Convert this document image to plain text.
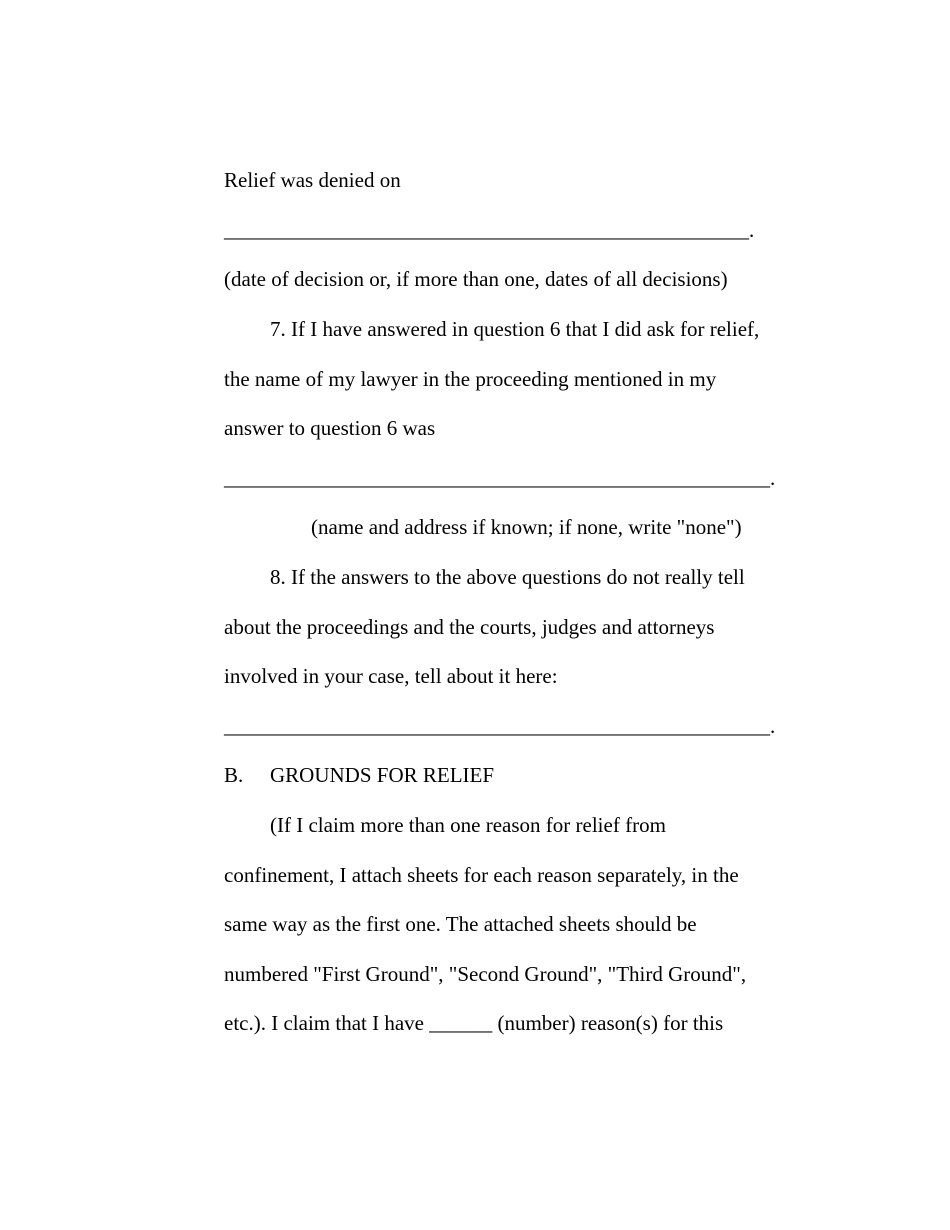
Relief was denied on
__________________________________________________.
(date of decision or, if more than one, dates of all decisions)
7. If I have answered in question 6 that I did ask for relief,
the name of my lawyer in the proceeding mentioned in my
answer to question 6 was
____________________________________________________.
(name and address if known; if none, write "none")
8. If the answers to the above questions do not really tell
about the proceedings and the courts, judges and attorneys
involved in your case, tell about it here:
____________________________________________________.
B. GROUNDS FOR RELIEF
(If I claim more than one reason for relief from
confinement, I attach sheets for each reason separately, in the
same way as the first one. The attached sheets should be
numbered "First Ground", "Second Ground", "Third Ground",
etc.). I claim that I have ______ (number) reason(s) for this
